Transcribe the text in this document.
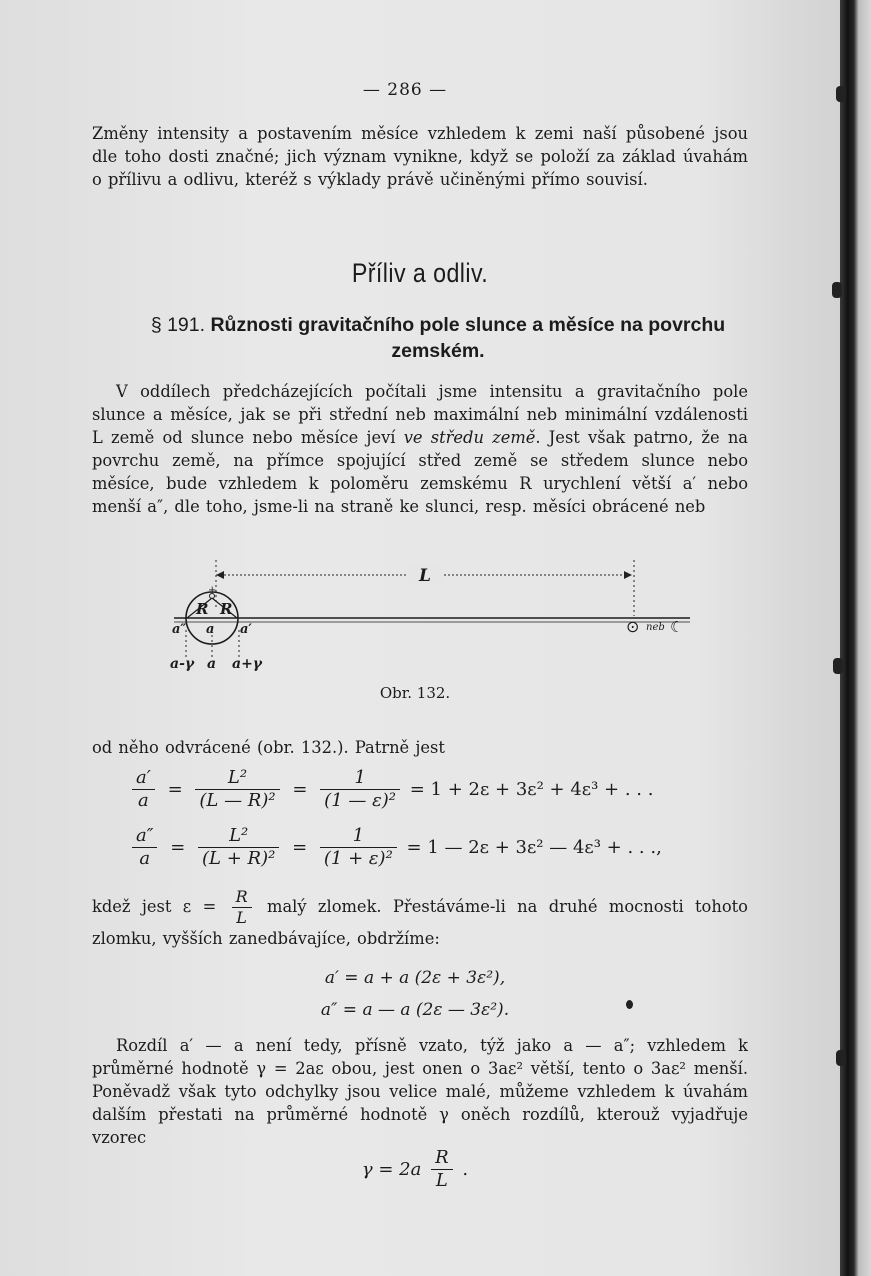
— 286 —
Změny intensity a postavením měsíce vzhledem k zemi naší působené jsou dle toho dosti značné; jich význam vynikne, když se položí za základ úvahám o přílivu a odlivu, kteréž s výklady právě učiněnými přímo souvisí.
Příliv a odliv.
§ 191. Různosti gravitačního pole slunce a měsíce na povrchu zemském.
V oddílech předcházejících počítali jsme intensitu a gravitačního pole slunce a měsíce, jak se při střední neb maximální neb minimální vzdálenosti L země od slunce nebo měsíce jeví ve středu země. Jest však patrno, že na povrchu země, na přímce spojující střed země se středem slunce nebo měsíce, bude vzhledem k poloměru zemskému R urychlení větší a′ nebo menší a″, dle toho, jsme-li na straně ke slunci, resp. měsíci obrácené neb
L
+
R R
a″ a a′
a-γ a a+γ
⊙ neb ☾
Obr. 132.
od něho odvrácené (obr. 132.). Patrně jest
$\frac{a'}{a} = \frac{\text{L²}}{\text{(L — R)²}} = \frac{1}{\text{(1 — ε)²}} = 1 + 2\varepsilon + 3\varepsilon^2 + 4\varepsilon^3$ + . . .
$\frac{a''}{a} = \frac{\text{L²}}{\text{(L + R)²}} = \frac{1}{\text{(1 + ε)²}} = 1$ — 2ε + 3ε² — 4ε³ + . . .,
kdež jest $\varepsilon = \frac{R}{L}$ malý zlomek. Přestáváme-li na druhé mocnosti tohoto zlomku, vyšších zanedbávajíce, obdržíme:
a′ = a + a (2ε + 3ε²),
a″ = a — a (2ε — 3ε²).
Rozdíl a′ — a není tedy, přísně vzato, týž jako a — a″; vzhledem k průměrné hodnotě γ = 2aε obou, jest onen o 3aε² větší, tento o 3aε² menší. Poněvadž však tyto odchylky jsou velice malé, můžeme vzhledem k úvahám dalším přestati na průměrné hodnotě γ oněch rozdílů, kterouž vyjadřuje vzorec
$\gamma = 2a \frac{R}{L}$ .
